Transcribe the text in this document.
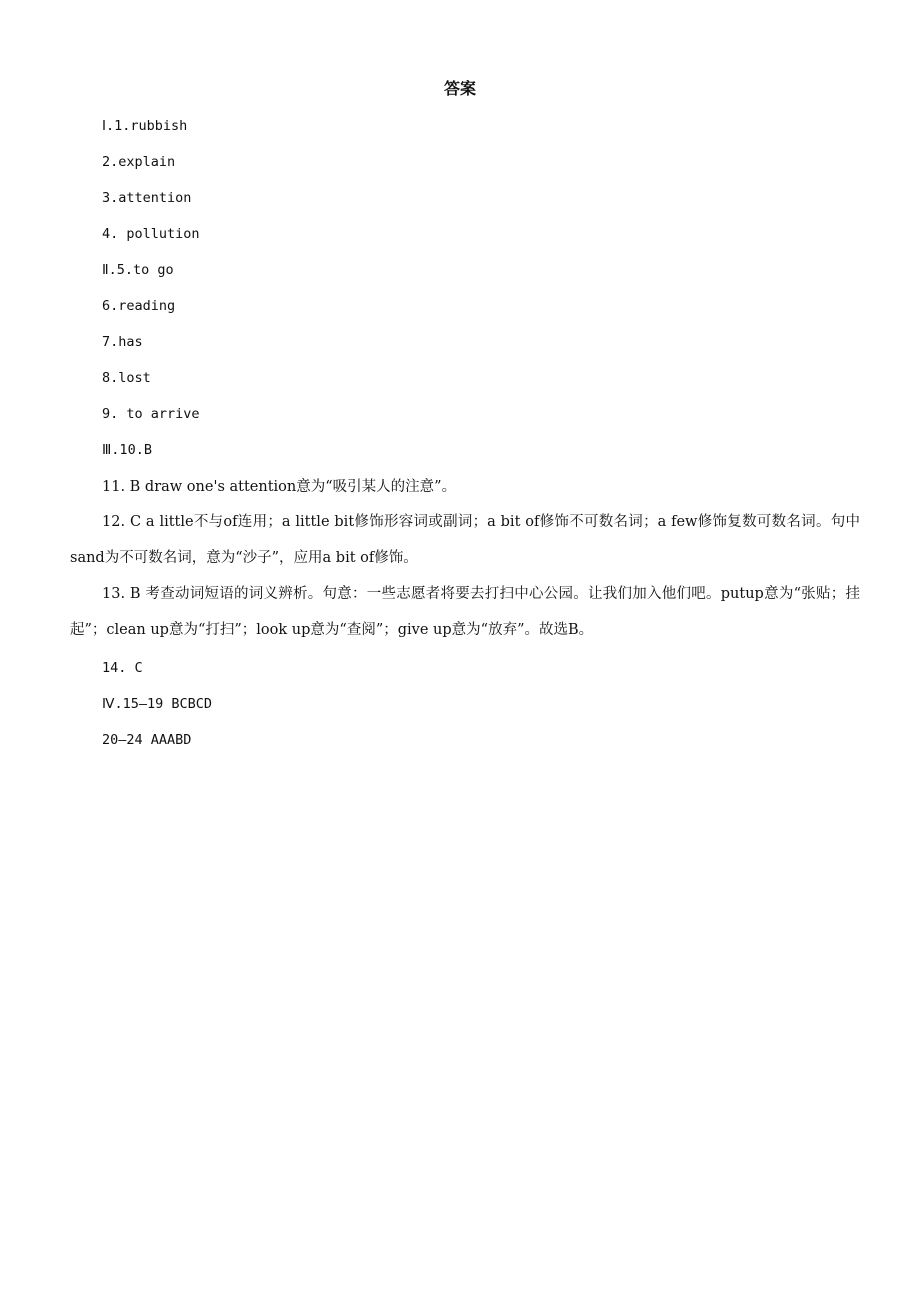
答案
Ⅰ.1.rubbish
2.explain
3.attention
4. pollution
Ⅱ.5.to go
6.reading
7.has
8.lost
9. to arrive
Ⅲ.10.B
11. B draw one's attention意为“吸引某人的注意”。
12. C a little不与of连用；a little bit修饰形容词或副词；a bit of修饰不可数名词；a few修饰复数可数名词。句中sand为不可数名词，意为“沙子”，应用a bit of修饰。
13. B 考查动词短语的词义辨析。句意：一些志愿者将要去打扫中心公园。让我们加入他们吧。putup意为“张贴；挂起”；clean up意为“打扫”；look up意为“查阅”；give up意为“放弃”。故选B。
14. C
Ⅳ.15—19 BCBCD
20—24 AAABD
